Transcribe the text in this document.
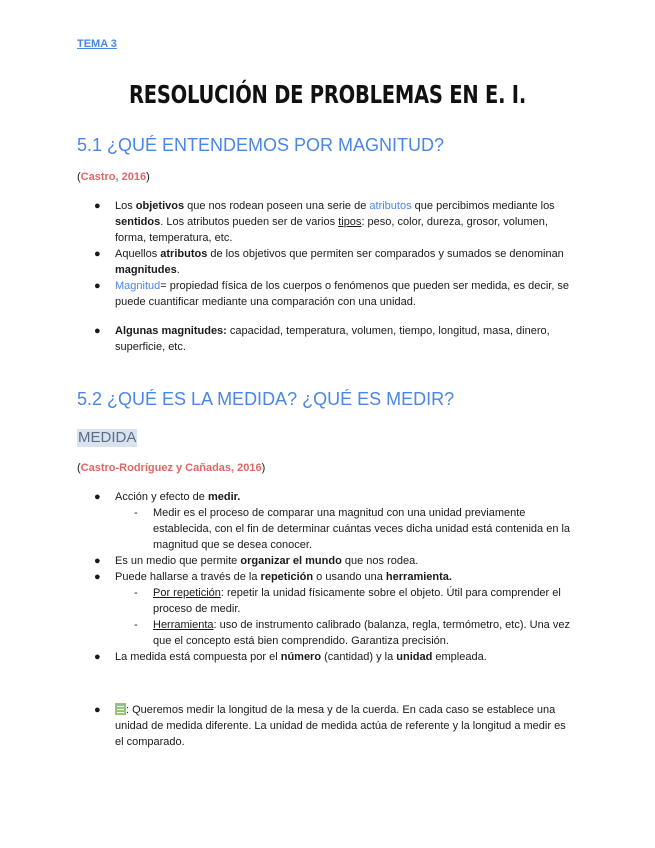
TEMA 3
RESOLUCIÓN DE PROBLEMAS EN E. I.
5.1 ¿QUÉ ENTENDEMOS POR MAGNITUD?
(Castro, 2016)
● Los objetivos que nos rodean poseen una serie de atributos que percibimos mediante los sentidos. Los atributos pueden ser de varios tipos: peso, color, dureza, grosor, volumen, forma, temperatura, etc.
● Aquellos atributos de los objetivos que permiten ser comparados y sumados se denominan magnitudes.
● Magnitud= propiedad física de los cuerpos o fenómenos que pueden ser medida, es decir, se puede cuantificar mediante una comparación con una unidad.
● Algunas magnitudes: capacidad, temperatura, volumen, tiempo, longitud, masa, dinero, superficie, etc.
5.2 ¿QUÉ ES LA MEDIDA? ¿QUÉ ES MEDIR?
MEDIDA
(Castro-Rodríguez y Cañadas, 2016)
● Acción y efecto de medir.
- Medir es el proceso de comparar una magnitud con una unidad previamente establecida, con el fin de determinar cuántas veces dicha unidad está contenida en la magnitud que se desea conocer.
● Es un medio que permite organizar el mundo que nos rodea.
● Puede hallarse a través de la repetición o usando una herramienta.
- Por repetición: repetir la unidad físicamente sobre el objeto. Útil para comprender el proceso de medir.
- Herramienta: uso de instrumento calibrado (balanza, regla, termómetro, etc). Una vez que el concepto está bien comprendido. Garantiza precisión.
● La medida está compuesta por el número (cantidad) y la unidad empleada.
● : Queremos medir la longitud de la mesa y de la cuerda. En cada caso se establece una unidad de medida diferente. La unidad de medida actúa de referente y la longitud a medir es el comparado.
